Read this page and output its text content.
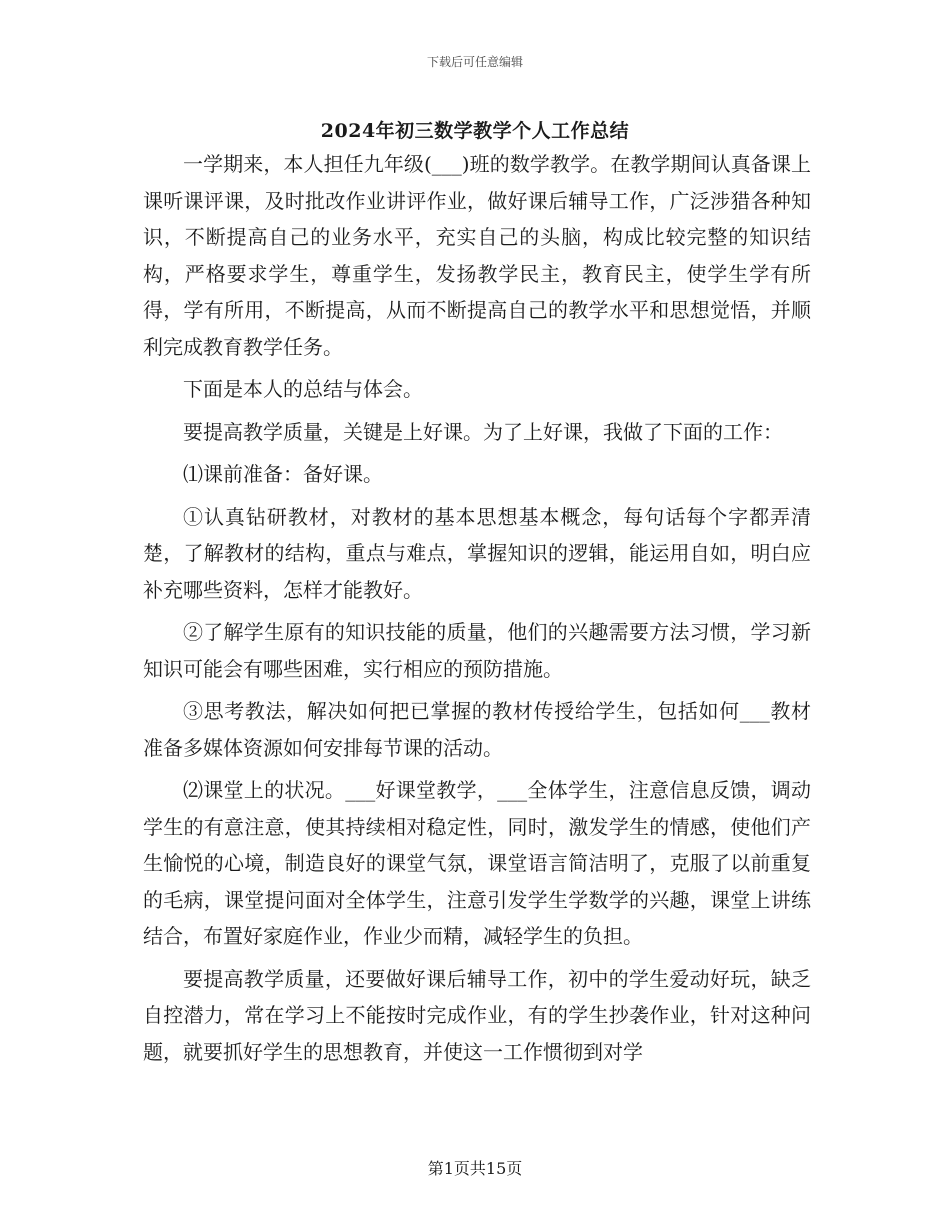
下载后可任意编辑
2024年初三数学教学个人工作总结

一学期来，本人担任九年级(___)班的数学教学。在教学期间认真备课上课听课评课，及时批改作业讲评作业，做好课后辅导工作，广泛涉猎各种知识，不断提高自己的业务水平，充实自己的头脑，构成比较完整的知识结构，严格要求学生，尊重学生，发扬教学民主，教育民主，使学生学有所得，学有所用，不断提高，从而不断提高自己的教学水平和思想觉悟，并顺利完成教育教学任务。

下面是本人的总结与体会。

要提高教学质量，关键是上好课。为了上好课，我做了下面的工作：

⑴课前准备：备好课。

①认真钻研教材，对教材的基本思想基本概念，每句话每个字都弄清楚，了解教材的结构，重点与难点，掌握知识的逻辑，能运用自如，明白应补充哪些资料，怎样才能教好。

②了解学生原有的知识技能的质量，他们的兴趣需要方法习惯，学习新知识可能会有哪些困难，实行相应的预防措施。

③思考教法，解决如何把已掌握的教材传授给学生，包括如何___教材准备多媒体资源如何安排每节课的活动。

⑵课堂上的状况。___好课堂教学，___全体学生，注意信息反馈，调动学生的有意注意，使其持续相对稳定性，同时，激发学生的情感，使他们产生愉悦的心境，制造良好的课堂气氛，课堂语言简洁明了，克服了以前重复的毛病，课堂提问面对全体学生，注意引发学生学数学的兴趣，课堂上讲练结合，布置好家庭作业，作业少而精，减轻学生的负担。

要提高教学质量，还要做好课后辅导工作，初中的学生爱动好玩，缺乏自控潜力，常在学习上不能按时完成作业，有的学生抄袭作业，针对这种问题，就要抓好学生的思想教育，并使这一工作惯彻到对学

第1页共15页
